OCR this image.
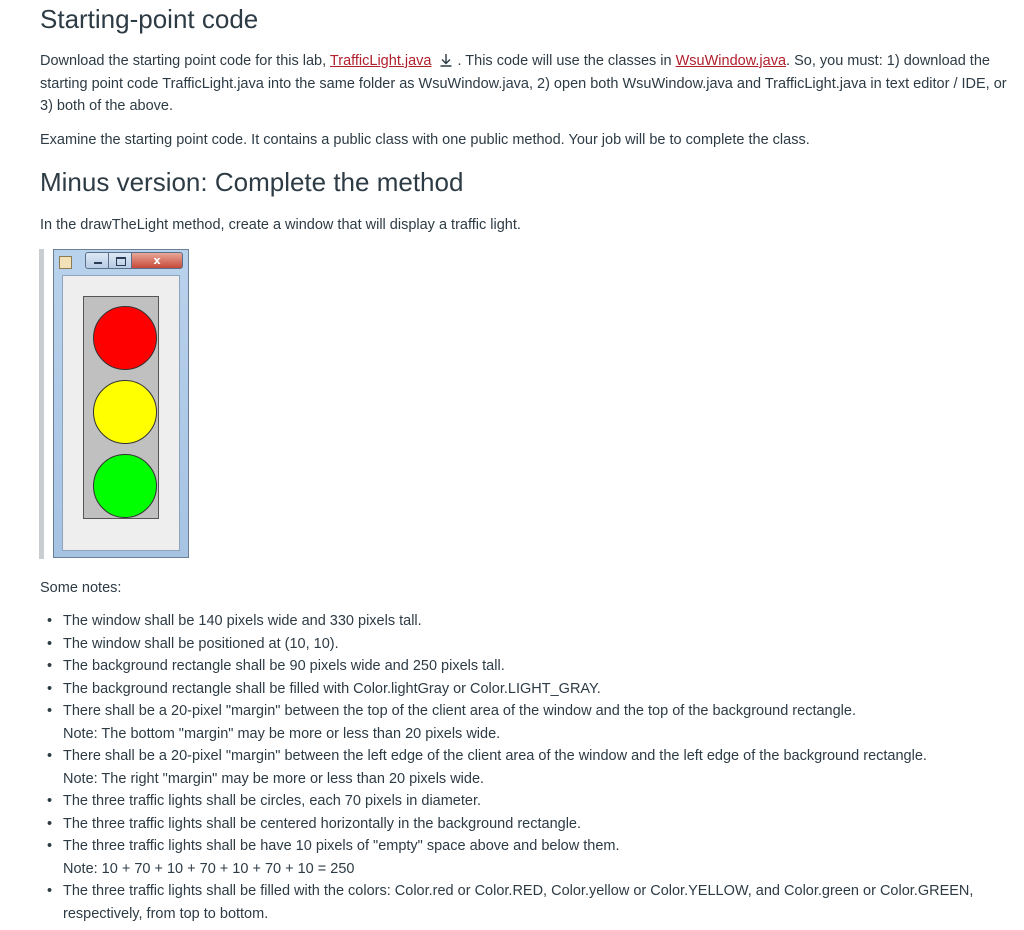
Starting-point code

Download the starting point code for this lab, TrafficLight.java . This code will use the classes in WsuWindow.java. So, you must: 1) download the starting point code TrafficLight.java into the same folder as WsuWindow.java, 2) open both WsuWindow.java and TrafficLight.java in text editor / IDE, or 3) both of the above.

Examine the starting point code. It contains a public class with one public method. Your job will be to complete the class.

Minus version: Complete the method

In the drawTheLight method, create a window that will display a traffic light.

Some notes:

• The window shall be 140 pixels wide and 330 pixels tall.
• The window shall be positioned at (10, 10).
• The background rectangle shall be 90 pixels wide and 250 pixels tall.
• The background rectangle shall be filled with Color.lightGray or Color.LIGHT_GRAY.
• There shall be a 20-pixel "margin" between the top of the client area of the window and the top of the background rectangle.
Note: The bottom "margin" may be more or less than 20 pixels wide.
• There shall be a 20-pixel "margin" between the left edge of the client area of the window and the left edge of the background rectangle.
Note: The right "margin" may be more or less than 20 pixels wide.
• The three traffic lights shall be circles, each 70 pixels in diameter.
• The three traffic lights shall be centered horizontally in the background rectangle.
• The three traffic lights shall be have 10 pixels of "empty" space above and below them.
Note: 10 + 70 + 10 + 70 + 10 + 70 + 10 = 250
• The three traffic lights shall be filled with the colors: Color.red or Color.RED, Color.yellow or Color.YELLOW, and Color.green or Color.GREEN, respectively, from top to bottom.
x
